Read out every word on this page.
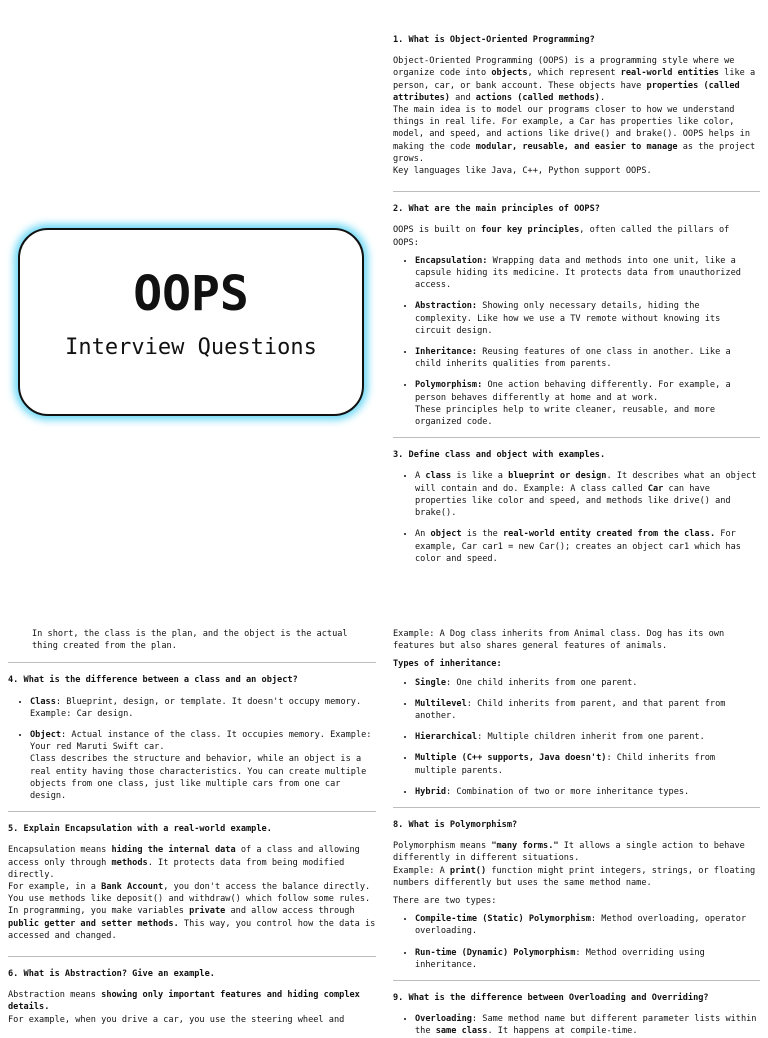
OOPS
Interview Questions
1. What is Object-Oriented Programming?

Object-Oriented Programming (OOPS) is a programming style where we organize code into objects, which represent real-world entities like a person, car, or bank account. These objects have properties (called attributes) and actions (called methods).

The main idea is to model our programs closer to how we understand things in real life. For example, a Car has properties like color, model, and speed, and actions like drive() and brake(). OOPS helps in making the code modular, reusable, and easier to manage as the project grows.

Key languages like Java, C++, Python support OOPS.

2. What are the main principles of OOPS?

OOPS is built on four key principles, often called the pillars of OOPS:

• Encapsulation: Wrapping data and methods into one unit, like a capsule hiding its medicine. It protects data from unauthorized access.
• Abstraction: Showing only necessary details, hiding the complexity. Like how we use a TV remote without knowing its circuit design.
• Inheritance: Reusing features of one class in another. Like a child inherits qualities from parents.
• Polymorphism: One action behaving differently. For example, a person behaves differently at home and at work.
These principles help to write cleaner, reusable, and more organized code.
3. Define class and object with examples.
• A class is like a blueprint or design. It describes what an object will contain and do. Example: A class called Car can have properties like color and speed, and methods like drive() and brake().
• An object is the real-world entity created from the class. For example, Car car1 = new Car(); creates an object car1 which has color and speed.

In short, the class is the plan, and the object is the actual thing created from the plan.

4. What is the difference between a class and an object?
• Class: Blueprint, design, or template. It doesn't occupy memory. Example: Car design.
• Object: Actual instance of the class. It occupies memory. Example: Your red Maruti Swift car.
Class describes the structure and behavior, while an object is a real entity having those characteristics. You can create multiple objects from one class, just like multiple cars from one car design.
5. Explain Encapsulation with a real-world example.

Encapsulation means hiding the internal data of a class and allowing access only through methods. It protects data from being modified directly.
For example, in a Bank Account, you don't access the balance directly. You use methods like deposit() and withdraw() which follow some rules.
In programming, you make variables private and allow access through public getter and setter methods. This way, you control how the data is accessed and changed.

6. What is Abstraction? Give an example.

Abstraction means showing only important features and hiding complex details.
For example, when you drive a car, you use the steering wheel and

Example: A Dog class inherits from Animal class. Dog has its own features but also shares general features of animals.

Types of inheritance:

• Single: One child inherits from one parent.
• Multilevel: Child inherits from parent, and that parent from another.
• Hierarchical: Multiple children inherit from one parent.
• Multiple (C++ supports, Java doesn't): Child inherits from multiple parents.
• Hybrid: Combination of two or more inheritance types.
8. What is Polymorphism?

Polymorphism means "many forms." It allows a single action to behave differently in different situations.
Example: A print() function might print integers, strings, or floating numbers differently but uses the same method name.

There are two types:

• Compile-time (Static) Polymorphism: Method overloading, operator overloading.
• Run-time (Dynamic) Polymorphism: Method overriding using inheritance.
9. What is the difference between Overloading and Overriding?
• Overloading: Same method name but different parameter lists within the same class. It happens at compile-time.
